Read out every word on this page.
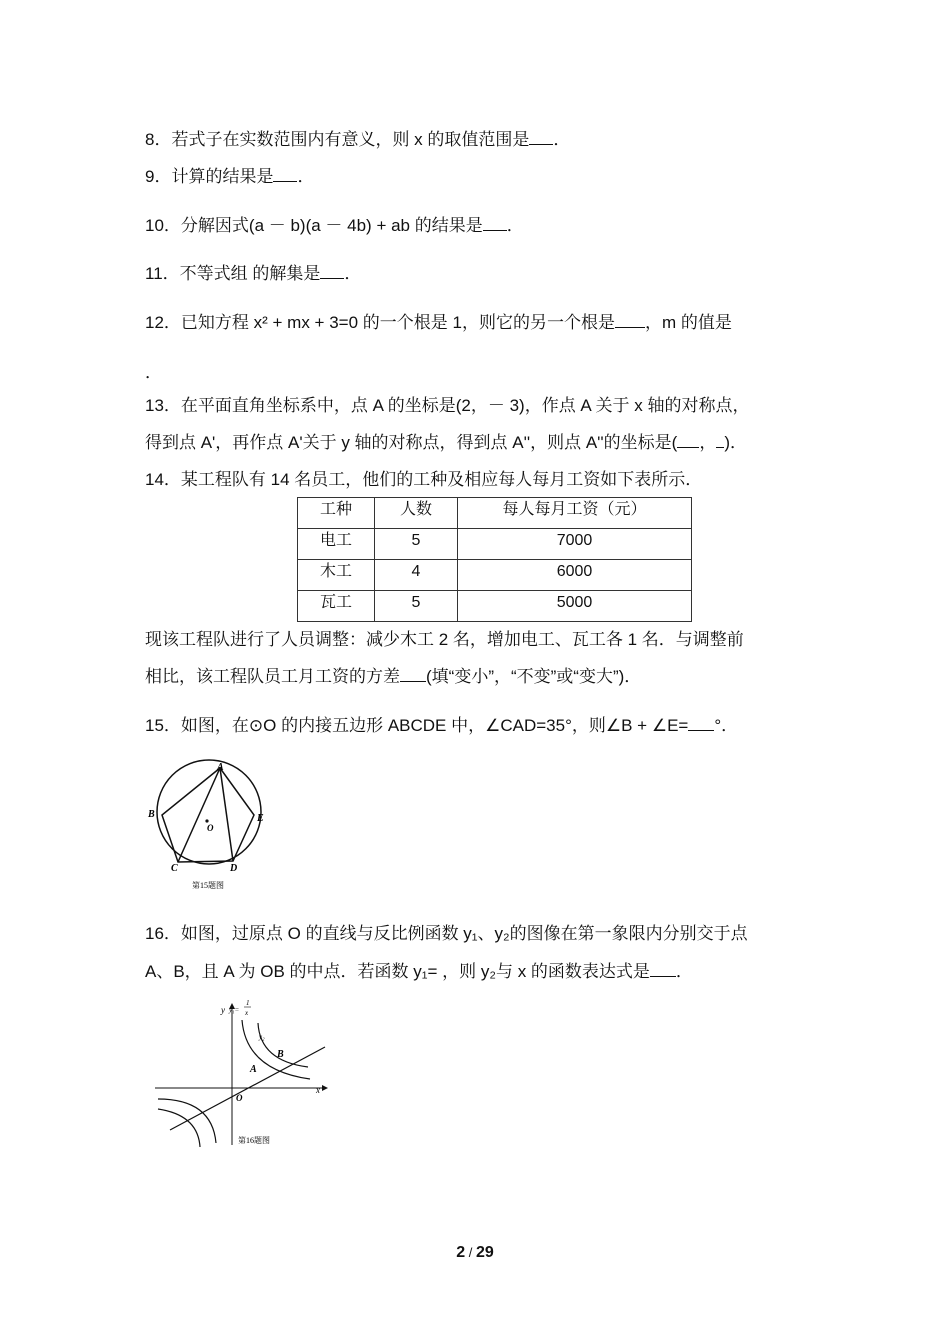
8．若式子在实数范围内有意义，则 x 的取值范围是 ．
9．计算的结果是 ．
10．分解因式(a － b)(a － 4b) + ab 的结果是 ．
11．不等式组 的解集是 ．
12．已知方程 x² + mx + 3=0 的一个根是 1，则它的另一个根是 ，m 的值是
．
13．在平面直角坐标系中，点 A 的坐标是(2，－ 3)，作点 A 关于 x 轴的对称点，
得到点 A'，再作点 A'关于 y 轴的对称点，得到点 A''，则点 A''的坐标是( ， )．
14．某工程队有 14 名员工，他们的工种及相应每人每月工资如下表所示．
工种	人数	每人每月工资（元）

电工	5	7000

木工	4	6000

瓦工	5	5000
现该工程队进行了人员调整：减少木工 2 名，增加电工、瓦工各 1 名．与调整前
相比，该工程队员工月工资的方差 (填“变小”，“不变”或“变大”)．
15．如图，在⊙O 的内接五边形 ABCDE 中，∠CAD=35°，则∠B + ∠E= °．
A
B
C	D
E
O
第15题图
16．如图，过原点 O 的直线与反比例函数 y₁、y₂的图像在第一象限内分别交于点
A、B，且 A 为 OB 的中点．若函数 y₁= ，则 y₂与 x 的函数表达式是 ．
y y₁=
1
x
y₂
x
A
B
O
第16题图
2 / 29
